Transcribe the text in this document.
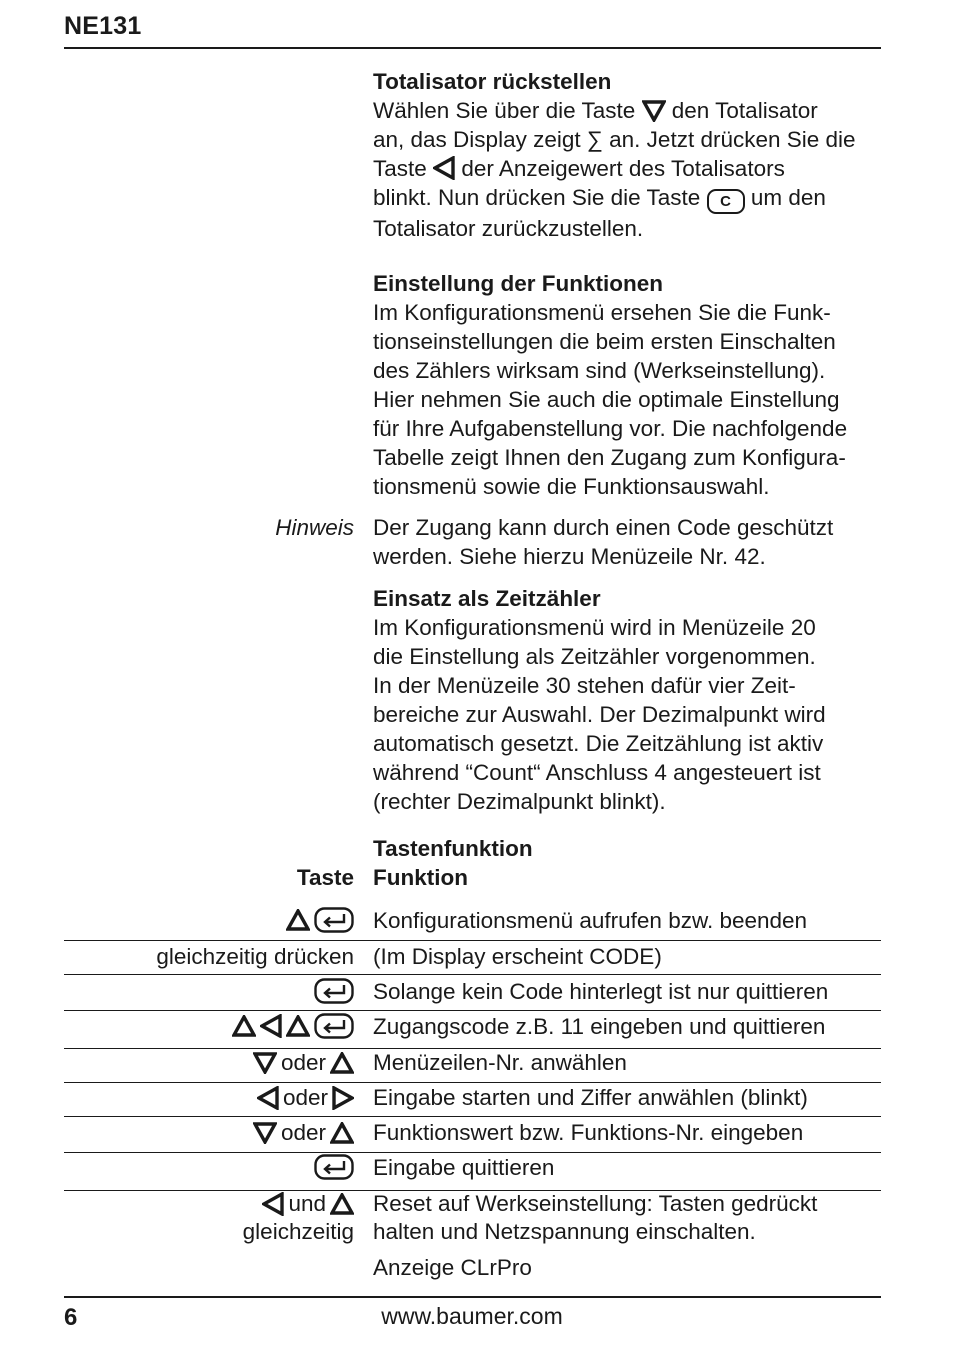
NE131
Totalisator rückstellen
Wählen Sie über die Taste den Totalisator
an, das Display zeigt ∑ an. Jetzt drücken Sie die
Taste der Anzeigewert des Totalisators
blinkt. Nun drücken Sie die Taste C um den
Totalisator zurückzustellen.
Einstellung der Funktionen
Im Konfigurationsmenü ersehen Sie die Funk-
tionseinstellungen die beim ersten Einschalten
des Zählers wirksam sind (Werkseinstellung).
Hier nehmen Sie auch die optimale Einstellung
für Ihre Aufgabenstellung vor. Die nachfolgende
Tabelle zeigt Ihnen den Zugang zum Konfigura-
tionsmenü sowie die Funktionsauswahl.
Hinweis Der Zugang kann durch einen Code geschützt
werden. Siehe hierzu Menüzeile Nr. 42.
Einsatz als Zeitzähler
Im Konfigurationsmenü wird in Menüzeile 20
die Einstellung als Zeitzähler vorgenommen.
In der Menüzeile 30 stehen dafür vier Zeit-
bereiche zur Auswahl. Der Dezimalpunkt wird
automatisch gesetzt. Die Zeitzählung ist aktiv
während “Count“ Anschluss 4 angesteuert ist
(rechter Dezimalpunkt blinkt).
Tastenfunktion
Taste Funktion
Konfigurationsmenü aufrufen bzw. beenden
gleichzeitig drücken (Im Display erscheint CODE)
Solange kein Code hinterlegt ist nur quittieren
Zugangscode z.B. 11 eingeben und quittieren
oder Menüzeilen-Nr. anwählen
oder Eingabe starten und Ziffer anwählen (blinkt)
oder Funktionswert bzw. Funktions-Nr. eingeben
Eingabe quittieren
und
gleichzeitig
Reset auf Werkseinstellung: Tasten gedrückt
halten und Netzspannung einschalten.
Anzeige CLrPro
6	www.baumer.com
